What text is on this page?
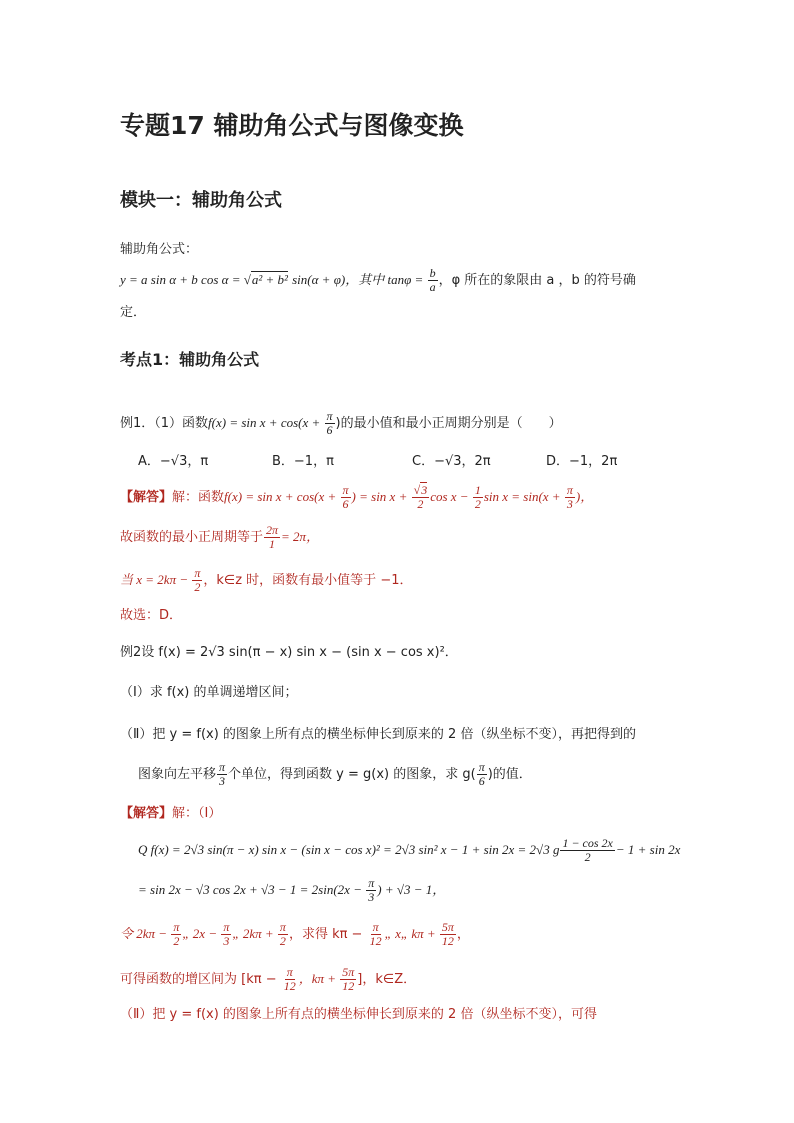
专题17 辅助角公式与图像变换
模块一：辅助角公式
辅助角公式：
y = a sin α + b cos α = √a² + b² sin(α + φ)，其中 $\tan\varphi = \frac{b}{a}$ ，φ 所在的象限由 a ，b 的符号确
定．
考点1：辅助角公式
例1．（1）函数$f(x) = \sin x + \cos(x + \frac{\pi}{6}$ )的最小值和最小正周期分别是（　　）
A．−√3，π	B．−1，π	C．−√3，2π	D．−1，2π
【解答】解：函数$f(x) = \sin x + \cos(x + \frac{\pi}{6}$ ) = $\sin x + \frac{√3}{2}$ $\cos x - \frac{1}{2}$ $\sin x = \sin(x + \frac{\pi}{3}$ )，
故函数的最小正周期等于 $\frac{2\pi}{1} = 2\pi$，
当 $x = 2k\pi - \frac{\pi}{2}$ ，k∈z 时，函数有最小值等于 −1．
故选：D．
例2设 f(x) = 2√3 sin(π − x) sin x − (sin x − cos x)²．
（Ⅰ）求 f(x) 的单调递增区间；
（Ⅱ）把 y = f(x) 的图象上所有点的横坐标伸长到原来的 2 倍（纵坐标不变），再把得到的
图象向左平移 $\frac{\pi}{3}$ 个单位，得到函数 y = g(x) 的图象，求 $g( \frac{\pi}{6}$ )的值．
【解答】解：（Ⅰ）
Q f(x) = 2√3 sin(π − x) sin x − (sin x − cos x)² = 2√3 sin² x − 1 + sin 2x = 2√3 g $\frac{1 - \cos 2x}{2} - 1 + \sin 2x$
= sin 2x − √3 $\cos 2x + √3 - 1 = 2\sin(2x - \frac{\pi}{3}$ ) + √3 − 1，
令 $2k\pi - \frac{\pi}{2}$ „ $2x - \frac{\pi}{3}$ „ $2k\pi + \frac{\pi}{2}$ ，求得 $k\pi - \frac{\pi}{12}$ „ x„ $k\pi + \frac{5\pi}{12}$ ，
可得函数的增区间为 [$k\pi - \frac{\pi}{12}$ ，$k\pi + \frac{5\pi}{12}$ ]，k∈Z．
（Ⅱ）把 y = f(x) 的图象上所有点的横坐标伸长到原来的 2 倍（纵坐标不变），可得
